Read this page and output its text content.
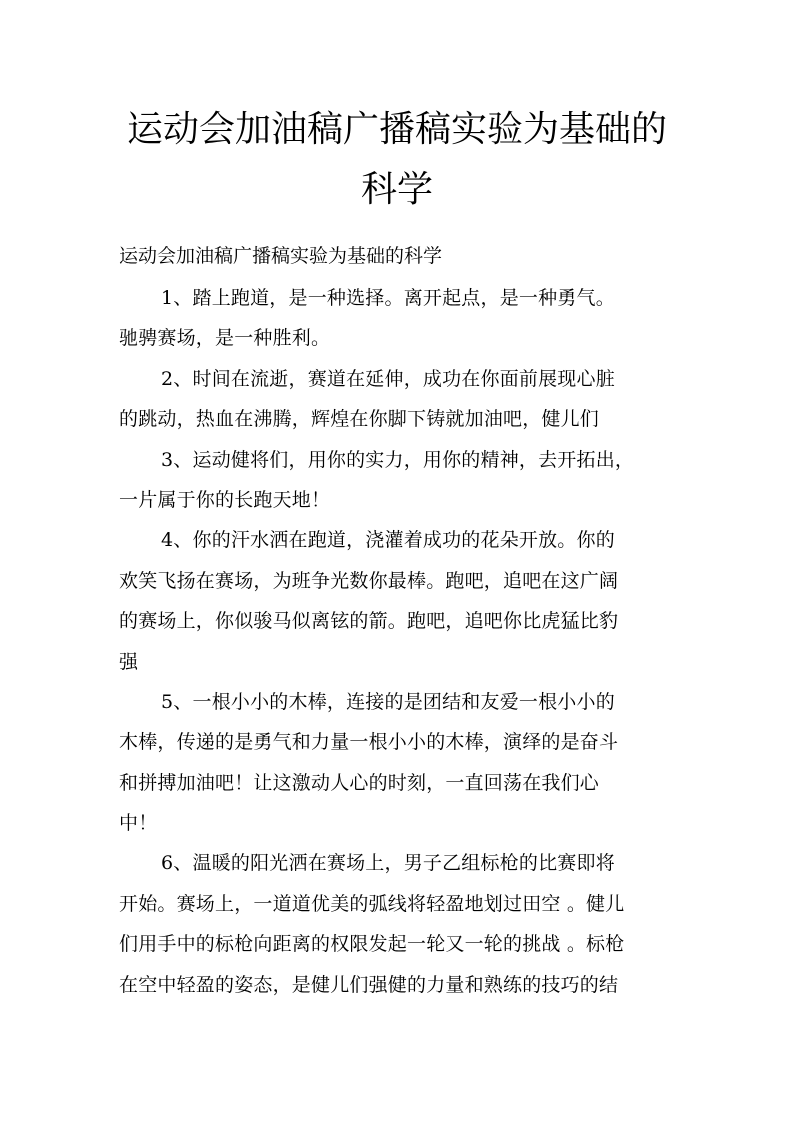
运动会加油稿广播稿实验为基础的
科学

运动会加油稿广播稿实验为基础的科学

1、踏上跑道，是一种选择。离开起点，是一种勇气。
驰骋赛场，是一种胜利。
2、时间在流逝，赛道在延伸，成功在你面前展现心脏
的跳动，热血在沸腾，辉煌在你脚下铸就加油吧，健儿们
3、运动健将们，用你的实力，用你的精神，去开拓出，
一片属于你的长跑天地！
4、你的汗水洒在跑道，浇灌着成功的花朵开放。你的
欢笑飞扬在赛场，为班争光数你最棒。跑吧，追吧在这广阔
的赛场上，你似骏马似离铉的箭。跑吧，追吧你比虎猛比豹
强
5、一根小小的木棒，连接的是团结和友爱一根小小的
木棒，传递的是勇气和力量一根小小的木棒，演绎的是奋斗
和拼搏加油吧！让这激动人心的时刻，一直回荡在我们心
中！
6、温暖的阳光洒在赛场上，男子乙组标枪的比赛即将
开始。赛场上，一道道优美的弧线将轻盈地划过田空 。健儿
们用手中的标枪向距离的权限发起一轮又一轮的挑战 。标枪
在空中轻盈的姿态，是健儿们强健的力量和熟练的技巧的结
